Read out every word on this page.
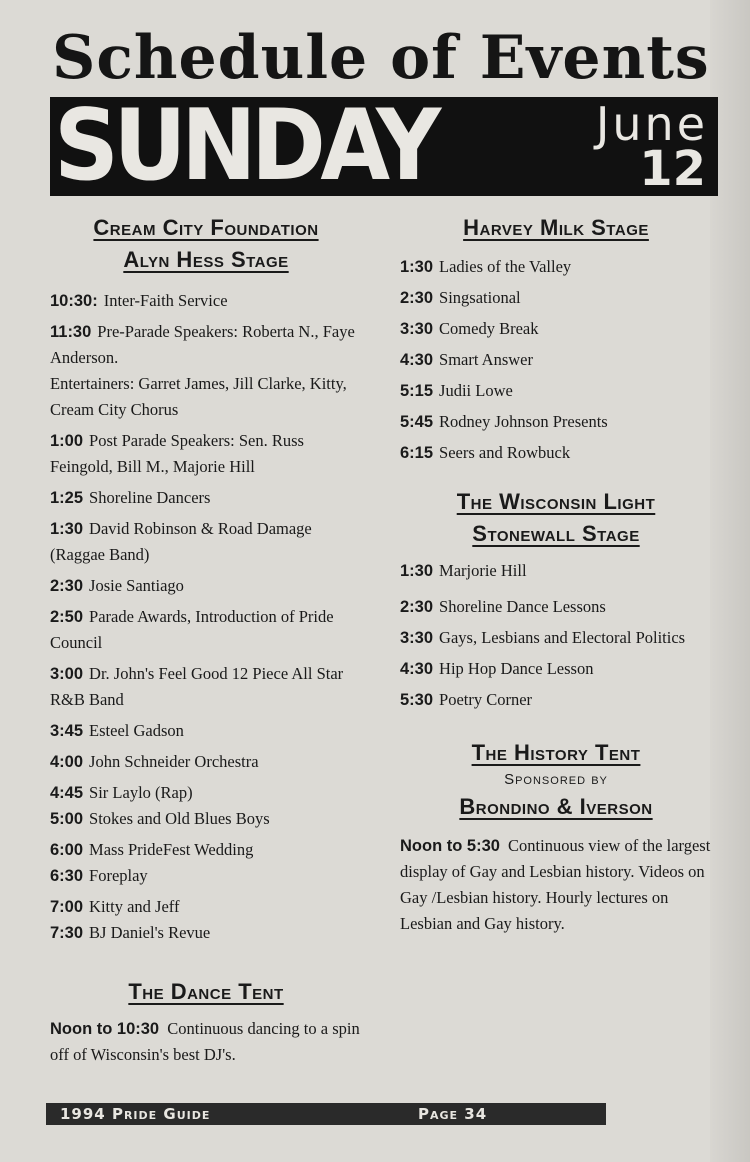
Schedule of Events
SUNDAY	June
12
Cream City Foundation
Alyn Hess Stage
10:30: Inter-Faith Service
11:30 Pre-Parade Speakers: Roberta N., Faye Anderson.
Entertainers: Garret James, Jill Clarke, Kitty, Cream City Chorus
1:00 Post Parade Speakers: Sen. Russ Feingold, Bill M., Majorie Hill
1:25 Shoreline Dancers
1:30 David Robinson & Road Damage (Raggae Band)
2:30 Josie Santiago
2:50 Parade Awards, Introduction of Pride Council
3:00 Dr. John's Feel Good 12 Piece All Star R&B Band
3:45 Esteel Gadson
4:00 John Schneider Orchestra
4:45 Sir Laylo (Rap)
5:00 Stokes and Old Blues Boys
6:00 Mass PrideFest Wedding
6:30 Foreplay
7:00 Kitty and Jeff
7:30 BJ Daniel's Revue
The Dance Tent
Noon to 10:30 Continuous dancing to a spin off of Wisconsin's best DJ's.
Harvey Milk Stage
1:30 Ladies of the Valley
2:30 Singsational
3:30 Comedy Break
4:30 Smart Answer
5:15 Judii Lowe
5:45 Rodney Johnson Presents
6:15 Seers and Rowbuck
The Wisconsin Light
Stonewall Stage
1:30 Marjorie Hill
2:30 Shoreline Dance Lessons
3:30 Gays, Lesbians and Electoral Politics
4:30 Hip Hop Dance Lesson
5:30 Poetry Corner
The History Tent
Sponsored by
Brondino & Iverson
Noon to 5:30 Continuous view of the largest display of Gay and Lesbian history. Videos on Gay /Lesbian history. Hourly lectures on Lesbian and Gay history.
1994 Pride Guide	Page 34
